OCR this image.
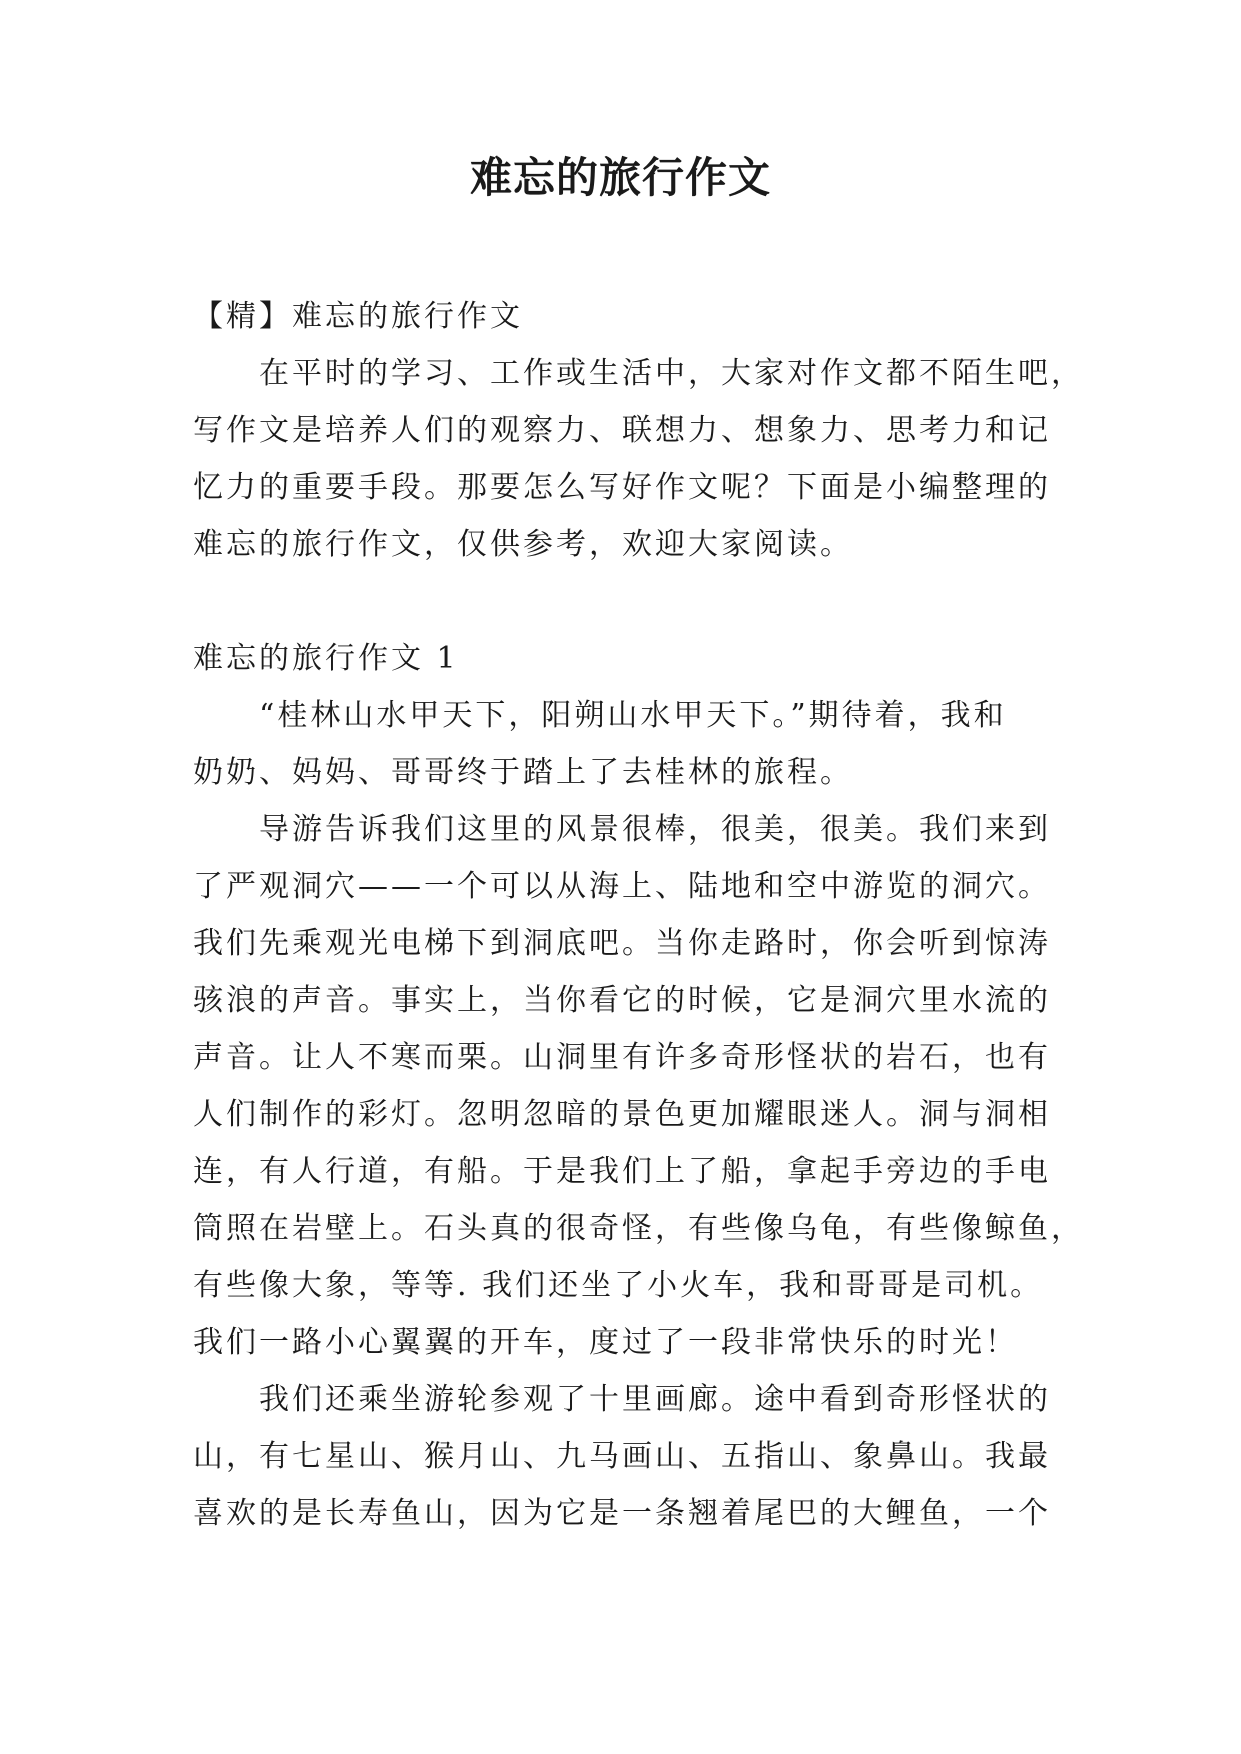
难忘的旅行作文

【精】难忘的旅行作文

　　在平时的学习、工作或生活中，大家对作文都不陌生吧，

写作文是培养人们的观察力、联想力、想象力、思考力和记

忆力的重要手段。那要怎么写好作文呢？下面是小编整理的

难忘的旅行作文，仅供参考，欢迎大家阅读。

难忘的旅行作文 1

　　“桂林山水甲天下，阳朔山水甲天下。”期待着，我和

奶奶、妈妈、哥哥终于踏上了去桂林的旅程。

　　导游告诉我们这里的风景很棒，很美，很美。我们来到

了严观洞穴——一个可以从海上、陆地和空中游览的洞穴。

我们先乘观光电梯下到洞底吧。当你走路时，你会听到惊涛

骇浪的声音。事实上，当你看它的时候，它是洞穴里水流的

声音。让人不寒而栗。山洞里有许多奇形怪状的岩石，也有

人们制作的彩灯。忽明忽暗的景色更加耀眼迷人。洞与洞相

连，有人行道，有船。于是我们上了船，拿起手旁边的手电

筒照在岩壁上。石头真的很奇怪，有些像乌龟，有些像鲸鱼，

有些像大象，等等. 我们还坐了小火车，我和哥哥是司机。

我们一路小心翼翼的开车，度过了一段非常快乐的时光！

　　我们还乘坐游轮参观了十里画廊。途中看到奇形怪状的

山，有七星山、猴月山、九马画山、五指山、象鼻山。我最

喜欢的是长寿鱼山，因为它是一条翘着尾巴的大鲤鱼，一个
